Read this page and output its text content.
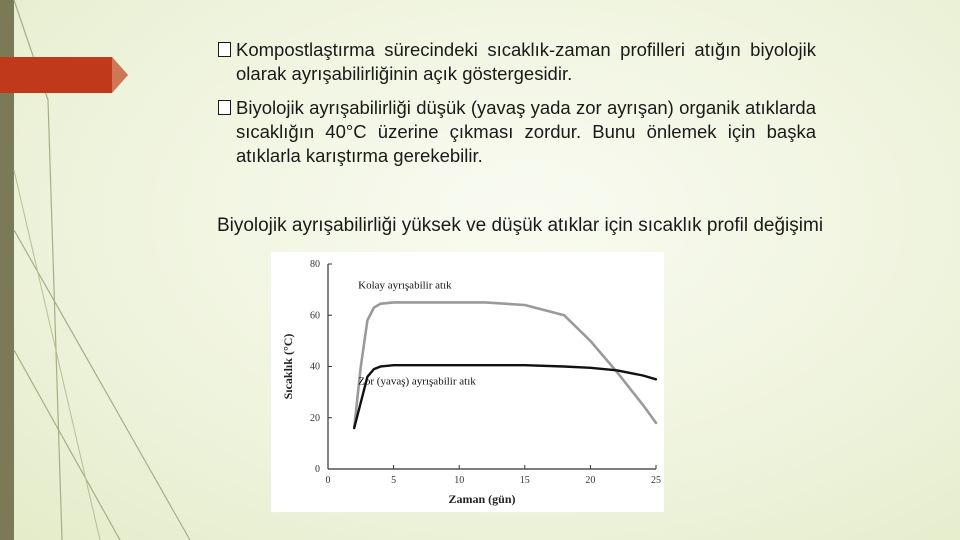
Kompostlaştırma sürecindeki sıcaklık-zaman profilleri atığın biyolojik olarak ayrışabilirliğinin açık göstergesidir.
Biyolojik ayrışabilirliği düşük (yavaş yada zor ayrışan) organik atıklarda sıcaklığın 40°C üzerine çıkması zordur. Bunu önlemek için başka atıklarla karıştırma gerekebilir.
Biyolojik ayrışabilirliği yüksek ve düşük atıklar için sıcaklık profil değişimi
0	5	10	15	20	25
0
20
40
60
80
Zaman (gün)
Sıcaklık (°C)
Kolay ayrışabilir atık
Zor (yavaş) ayrışabilir atık
